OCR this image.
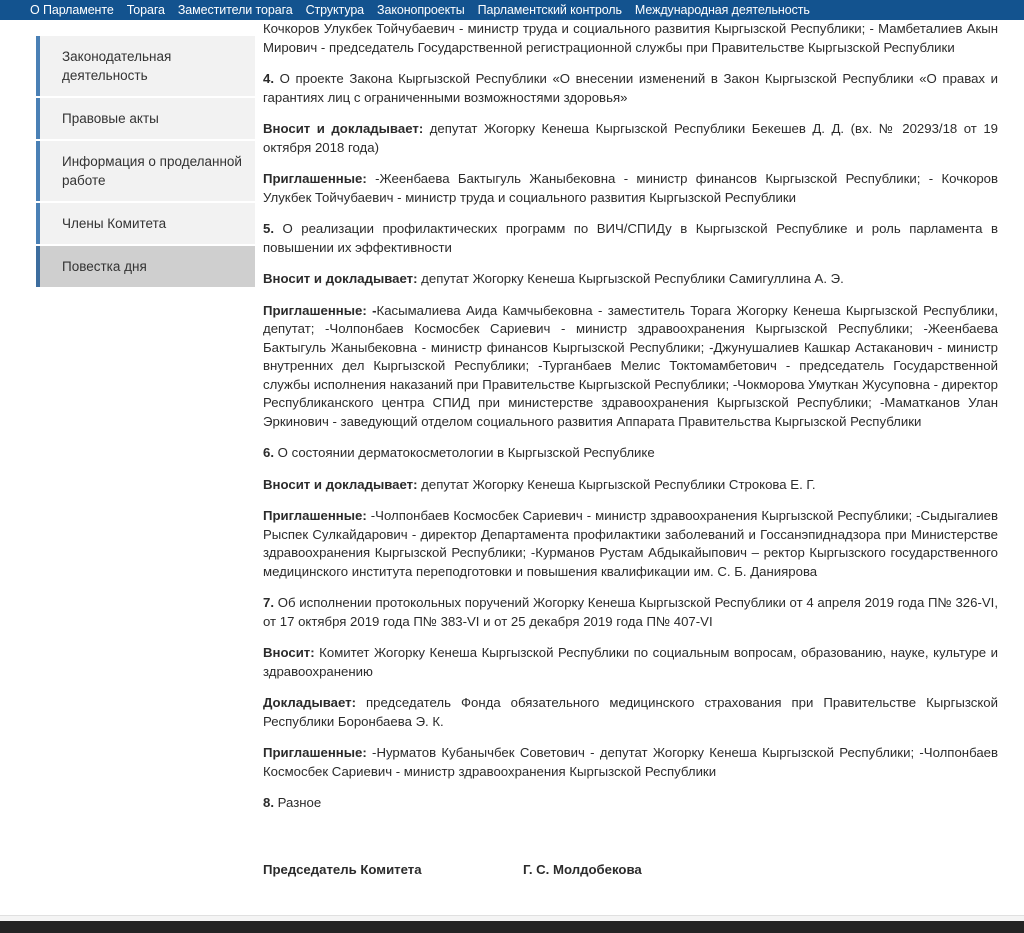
О Парламенте Торага Заместители торага Структура Законопроекты Парламентский контроль Международная деятельность
Законодательная деятельность
Правовые акты
Информация о проделанной работе
Члены Комитета
Повестка дня

Кочкоров Улукбек Тойчубаевич - министр труда и социального развития Кыргызской Республики; - Мамбеталиев Акын Мирович - председатель Государственной регистрационной службы при Правительстве Кыргызской Республики

4. О проекте Закона Кыргызской Республики «О внесении изменений в Закон Кыргызской Республики «О правах и гарантиях лиц с ограниченными возможностями здоровья»

Вносит и докладывает: депутат Жогорку Кенеша Кыргызской Республики Бекешев Д. Д. (вх. № 20293/18 от 19 октября 2018 года)

Приглашенные: -Жеенбаева Бактыгуль Жаныбековна - министр финансов Кыргызской Республики; - Кочкоров Улукбек Тойчубаевич - министр труда и социального развития Кыргызской Республики

5. О реализации профилактических программ по ВИЧ/СПИДу в Кыргызской Республике и роль парламента в повышении их эффективности

Вносит и докладывает: депутат Жогорку Кенеша Кыргызской Республики Самигуллина А. Э.

Приглашенные: -Касымалиева Аида Камчыбековна - заместитель Торага Жогорку Кенеша Кыргызской Республики, депутат; -Чолпонбаев Космосбек Сариевич - министр здравоохранения Кыргызской Республики; -Жеенбаева Бактыгуль Жаныбековна - министр финансов Кыргызской Республики; -Джунушалиев Кашкар Астаканович - министр внутренних дел Кыргызской Республики; -Турганбаев Мелис Токтомамбетович - председатель Государственной службы исполнения наказаний при Правительстве Кыргызской Республики; -Чокморова Умуткан Жусуповна - директор Республиканского центра СПИД при министерстве здравоохранения Кыргызской Республики; -Маматканов Улан Эркинович - заведующий отделом социального развития Аппарата Правительства Кыргызской Республики

6. О состоянии дерматокосметологии в Кыргызской Республике

Вносит и докладывает: депутат Жогорку Кенеша Кыргызской Республики Строкова Е. Г.

Приглашенные: -Чолпонбаев Космосбек Сариевич - министр здравоохранения Кыргызской Республики; -Сыдыгалиев Рыспек Сулкайдарович - директор Департамента профилактики заболеваний и Госсанэпиднадзора при Министерстве здравоохранения Кыргызской Республики; -Курманов Рустам Абдыкайыпович – ректор Кыргызского государственного медицинского института переподготовки и повышения квалификации им. С. Б. Даниярова

7. Об исполнении протокольных поручений Жогорку Кенеша Кыргызской Республики от 4 апреля 2019 года П№ 326-VI, от 17 октября 2019 года П№ 383-VI и от 25 декабря 2019 года П№ 407-VI

Вносит: Комитет Жогорку Кенеша Кыргызской Республики по социальным вопросам, образованию, науке, культуре и здравоохранению

Докладывает: председатель Фонда обязательного медицинского страхования при Правительстве Кыргызской Республики Боронбаева Э. К.

Приглашенные: -Нурматов Кубанычбек Советович - депутат Жогорку Кенеша Кыргызской Республики; -Чолпонбаев Космосбек Сариевич - министр здравоохранения Кыргызской Республики

8. Разное

Председатель Комитета	Г. С. Молдобекова
